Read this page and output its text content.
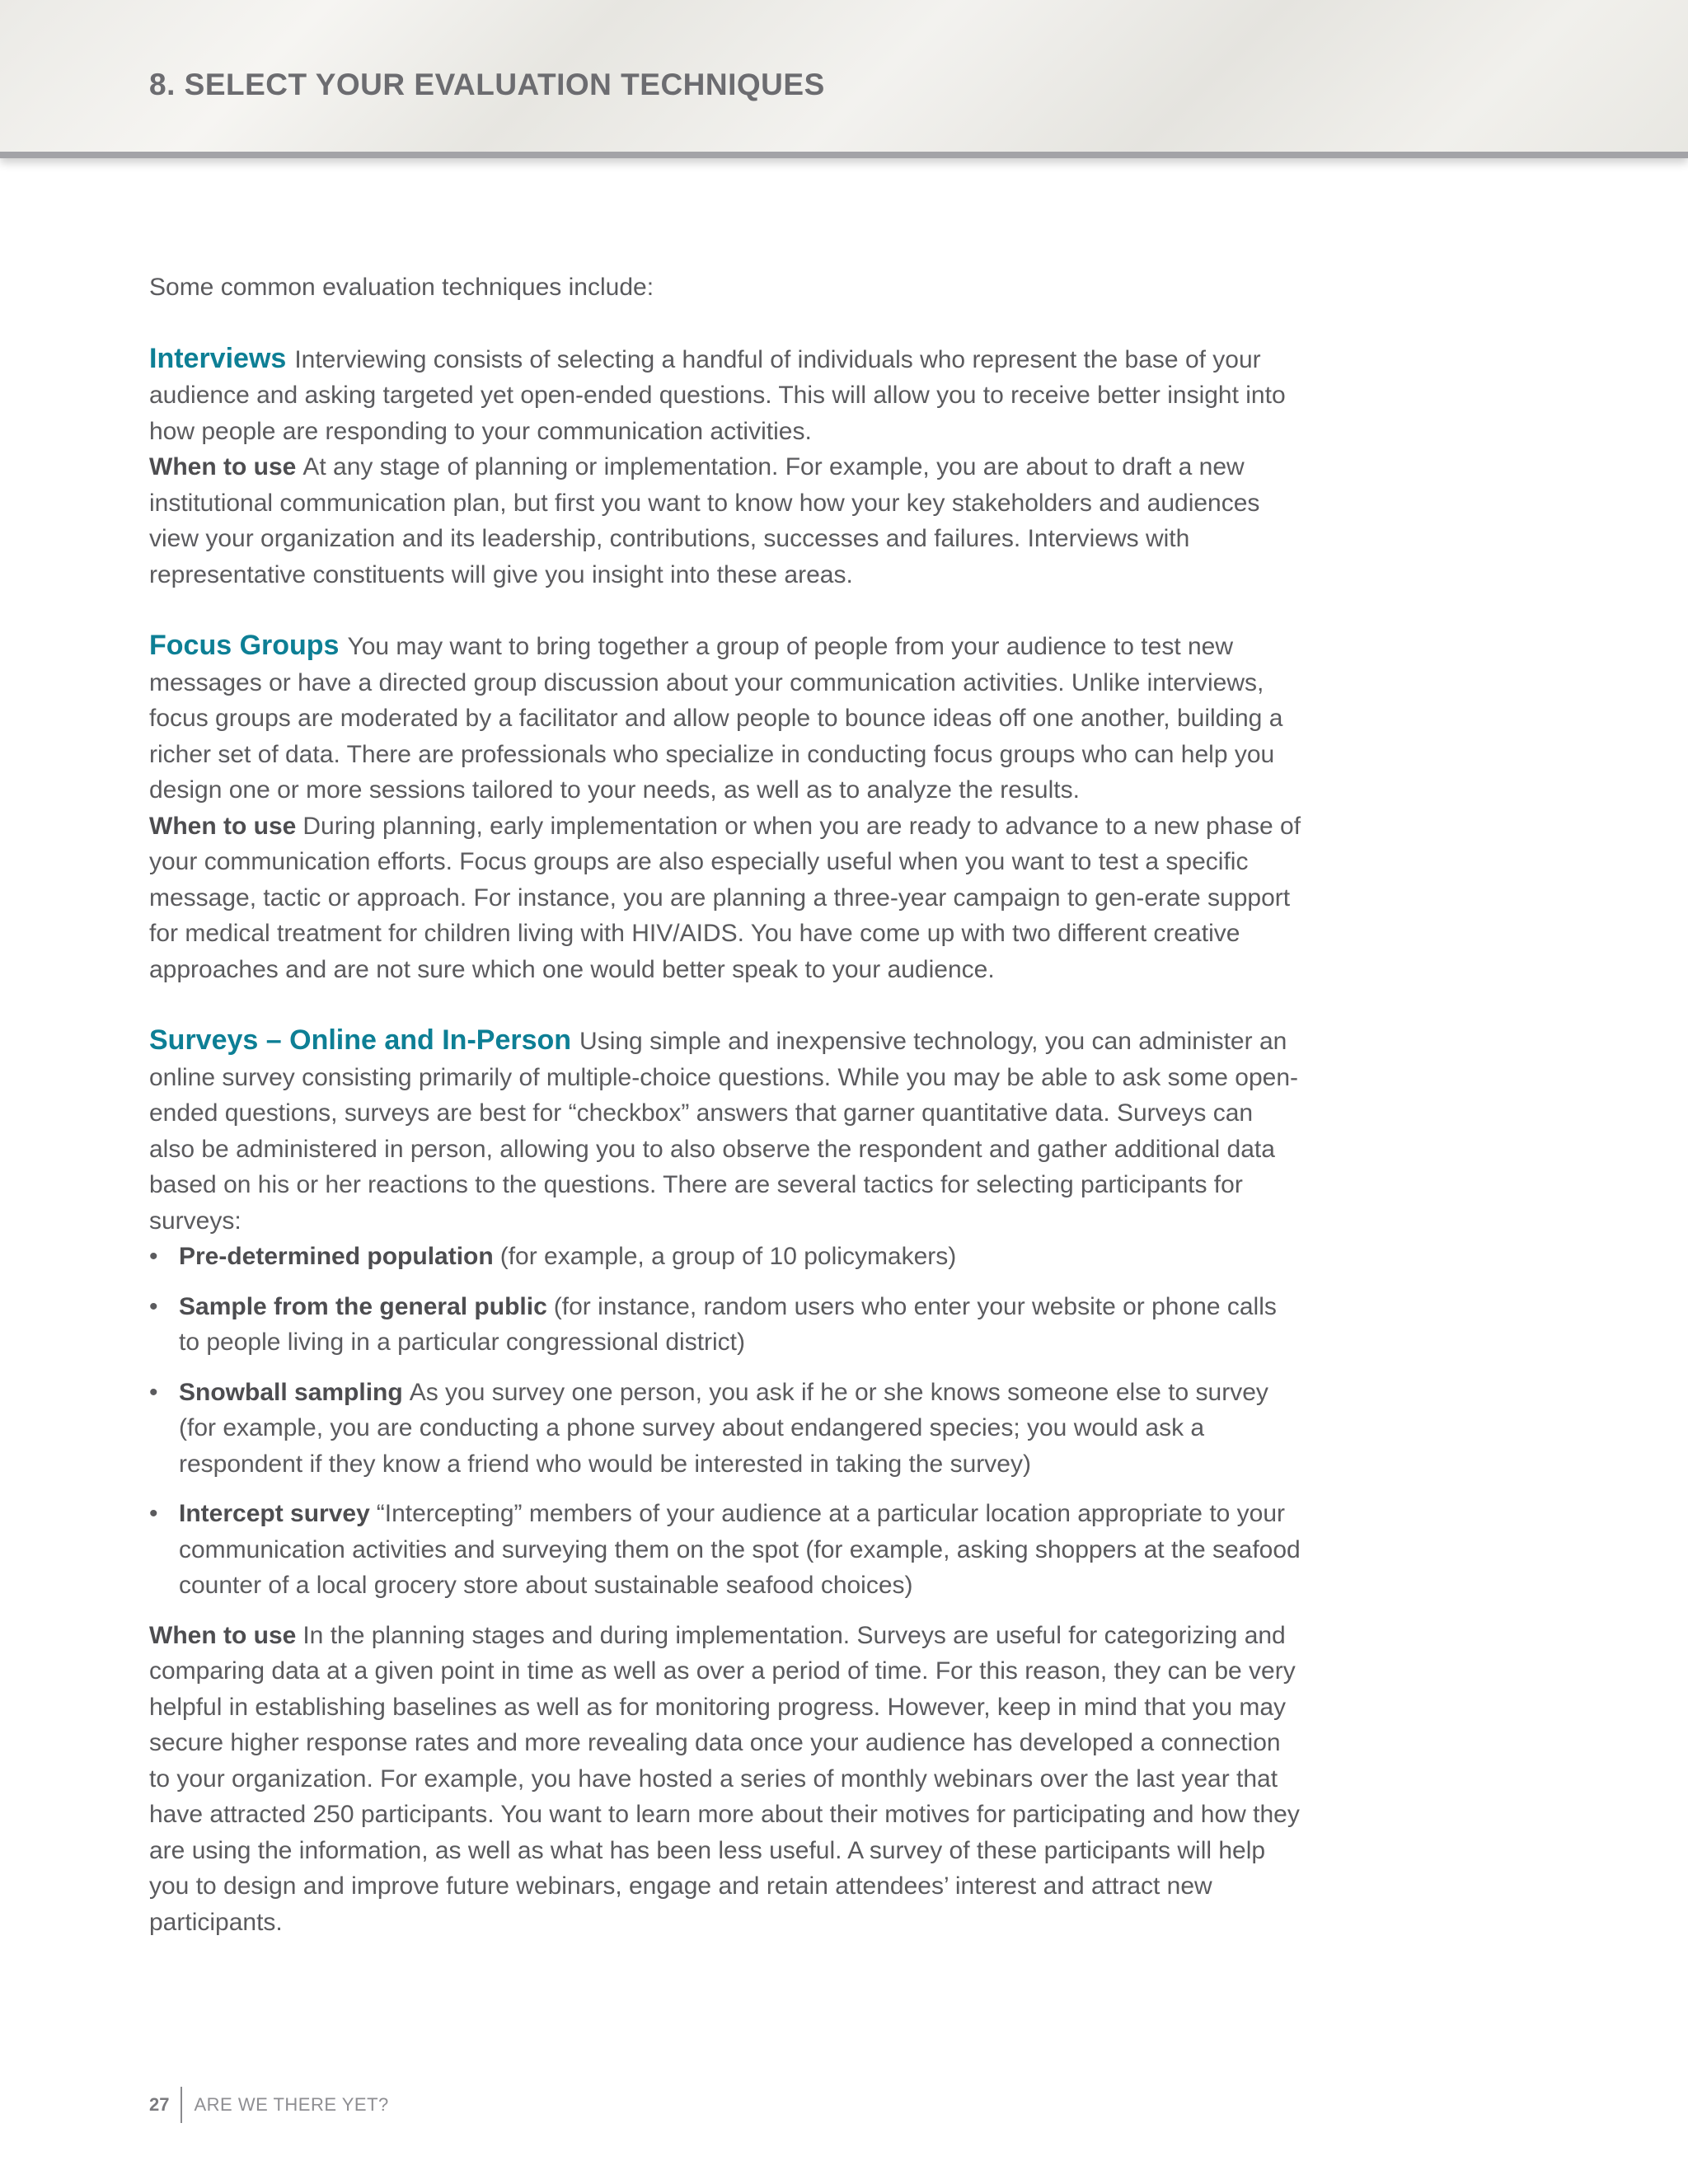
8. SELECT YOUR EVALUATION TECHNIQUES

Some common evaluation techniques include:

Interviews Interviewing consists of selecting a handful of individuals who represent the base of your audience and asking targeted yet open-ended questions. This will allow you to receive better insight into how people are responding to your communication activities.

When to use At any stage of planning or implementation. For example, you are about to draft a new institutional communication plan, but first you want to know how your key stakeholders and audiences view your organization and its leadership, contributions, successes and failures. Interviews with representative constituents will give you insight into these areas.

Focus Groups You may want to bring together a group of people from your audience to test new messages or have a directed group discussion about your communication activities. Unlike interviews, focus groups are moderated by a facilitator and allow people to bounce ideas off one another, building a richer set of data. There are professionals who specialize in conducting focus groups who can help you design one or more sessions tailored to your needs, as well as to analyze the results.

When to use During planning, early implementation or when you are ready to advance to a new phase of your communication efforts. Focus groups are also especially useful when you want to test a specific message, tactic or approach. For instance, you are planning a three-year campaign to gen-erate support for medical treatment for children living with HIV/AIDS. You have come up with two different creative approaches and are not sure which one would better speak to your audience.

Surveys – Online and In-Person Using simple and inexpensive technology, you can administer an online survey consisting primarily of multiple-choice questions. While you may be able to ask some open-ended questions, surveys are best for “checkbox” answers that garner quantitative data. Surveys can also be administered in person, allowing you to also observe the respondent and gather additional data based on his or her reactions to the questions. There are several tactics for selecting participants for surveys:

• Pre-determined population (for example, a group of 10 policymakers)
• Sample from the general public (for instance, random users who enter your website or phone calls to people living in a particular congressional district)
• Snowball sampling As you survey one person, you ask if he or she knows someone else to survey (for example, you are conducting a phone survey about endangered species; you would ask a respondent if they know a friend who would be interested in taking the survey)
• Intercept survey “Intercepting” members of your audience at a particular location appropriate to your communication activities and surveying them on the spot (for example, asking shoppers at the seafood counter of a local grocery store about sustainable seafood choices)

When to use In the planning stages and during implementation. Surveys are useful for categorizing and comparing data at a given point in time as well as over a period of time. For this reason, they can be very helpful in establishing baselines as well as for monitoring progress. However, keep in mind that you may secure higher response rates and more revealing data once your audience has developed a connection to your organization. For example, you have hosted a series of monthly webinars over the last year that have attracted 250 participants. You want to learn more about their motives for participating and how they are using the information, as well as what has been less useful. A survey of these participants will help you to design and improve future webinars, engage and retain attendees’ interest and attract new participants.

27	ARE WE THERE YET?
